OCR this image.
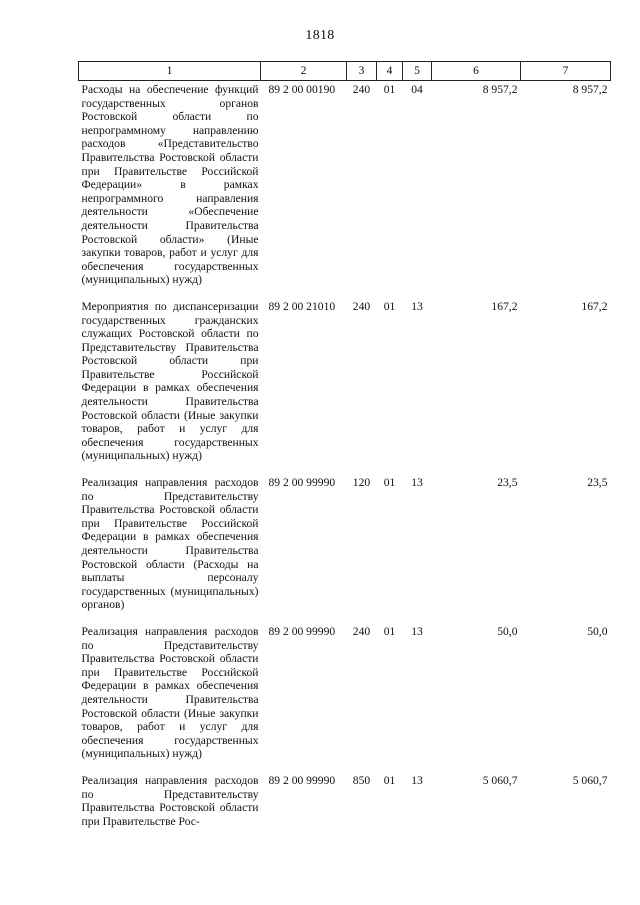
1818
1	2	3	4	5	6	7
Расходы на обеспечение функций государственных органов Ростовской области по непрограммному направлению расходов «Представительство Правительства Ростовской области при Правительстве Российской Федерации» в рамках непрограммного направления деятельности «Обеспечение деятельности Правительства Ростовской области» (Иные закупки товаров, работ и услуг для обеспечения государственных (муниципальных) нужд)	89 2 00 00190	240	01	04	8 957,2	8 957,2
Мероприятия по диспансеризации государственных гражданских служащих Ростовской области по Представительству Правительства Ростовской области при Правительстве Российской Федерации в рамках обеспечения деятельности Правительства Ростовской области (Иные закупки товаров, работ и услуг для обеспечения государственных (муниципальных) нужд)	89 2 00 21010	240	01	13	167,2	167,2
Реализация направления расходов по Представительству Правительства Ростовской области при Правительстве Российской Федерации в рамках обеспечения деятельности Правительства Ростовской области (Расходы на выплаты персоналу государственных (муниципальных) органов)	89 2 00 99990	120	01	13	23,5	23,5
Реализация направления расходов по Представительству Правительства Ростовской области при Правительстве Российской Федерации в рамках обеспечения деятельности Правительства Ростовской области (Иные закупки товаров, работ и услуг для обеспечения государственных (муниципальных) нужд)	89 2 00 99990	240	01	13	50,0	50,0
Реализация направления расходов по Представительству Правительства Ростовской области при Правительстве Рос-	89 2 00 99990	850	01	13	5 060,7	5 060,7
